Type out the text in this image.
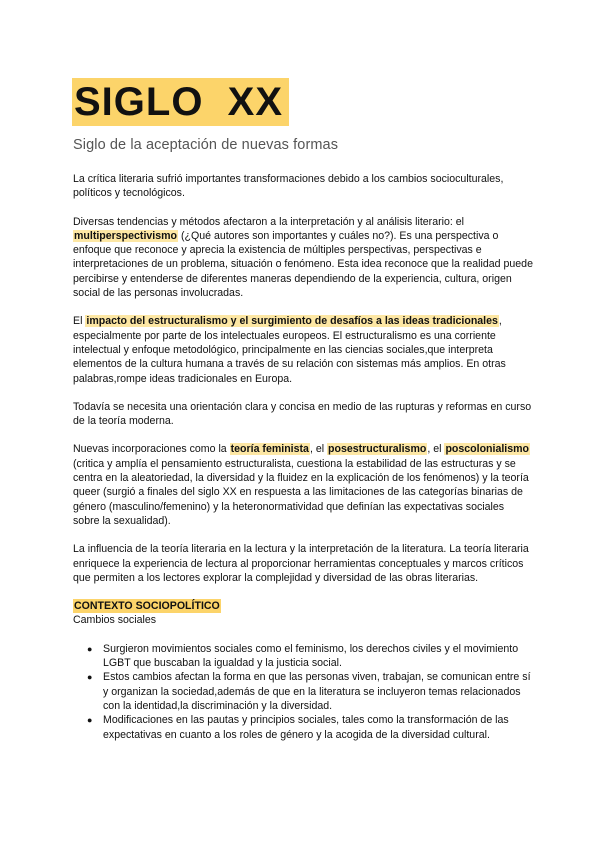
SIGLO  XX
Siglo de la aceptación de nuevas formas

La crítica literaria sufrió importantes transformaciones debido a los cambios socioculturales, políticos y tecnológicos.

Diversas tendencias y métodos afectaron a la interpretación y al análisis literario: el multiperspectivismo (¿Qué autores son importantes y cuáles no?). Es una perspectiva o enfoque que reconoce y aprecia la existencia de múltiples perspectivas, perspectivas e interpretaciones de un problema, situación o fenómeno. Esta idea reconoce que la realidad puede percibirse y entenderse de diferentes maneras dependiendo de la experiencia, cultura, origen social de las personas involucradas.

El impacto del estructuralismo y el surgimiento de desafíos a las ideas tradicionales, especialmente por parte de los intelectuales europeos. El estructuralismo es una corriente intelectual y enfoque metodológico, principalmente en las ciencias sociales,que interpreta elementos de la cultura humana a través de su relación con sistemas más amplios. En otras palabras,rompe ideas tradicionales en Europa.

Todavía se necesita una orientación clara y concisa en medio de las rupturas y reformas en curso de la teoría moderna.

Nuevas incorporaciones como la teoría feminista, el posestructuralismo, el poscolonialismo (critica y amplía el pensamiento estructuralista, cuestiona la estabilidad de las estructuras y se centra en la aleatoriedad, la diversidad y la fluidez en la explicación de los fenómenos) y la teoría queer (surgió a finales del siglo XX en respuesta a las limitaciones de las categorías binarias de género (masculino/femenino) y la heteronormatividad que definían las expectativas sociales sobre la sexualidad).

La influencia de la teoría literaria en la lectura y la interpretación de la literatura. La teoría literaria enriquece la experiencia de lectura al proporcionar herramientas conceptuales y marcos críticos que permiten a los lectores explorar la complejidad y diversidad de las obras literarias.

CONTEXTO SOCIOPOLÍTICO

Cambios sociales

● Surgieron movimientos sociales como el feminismo, los derechos civiles y el movimiento LGBT que buscaban la igualdad y la justicia social.
● Estos cambios afectan la forma en que las personas viven, trabajan, se comunican entre sí y organizan la sociedad,además de que en la literatura se incluyeron temas relacionados con la identidad,la discriminación y la diversidad.
● Modificaciones en las pautas y principios sociales, tales como la transformación de las expectativas en cuanto a los roles de género y la acogida de la diversidad cultural.
